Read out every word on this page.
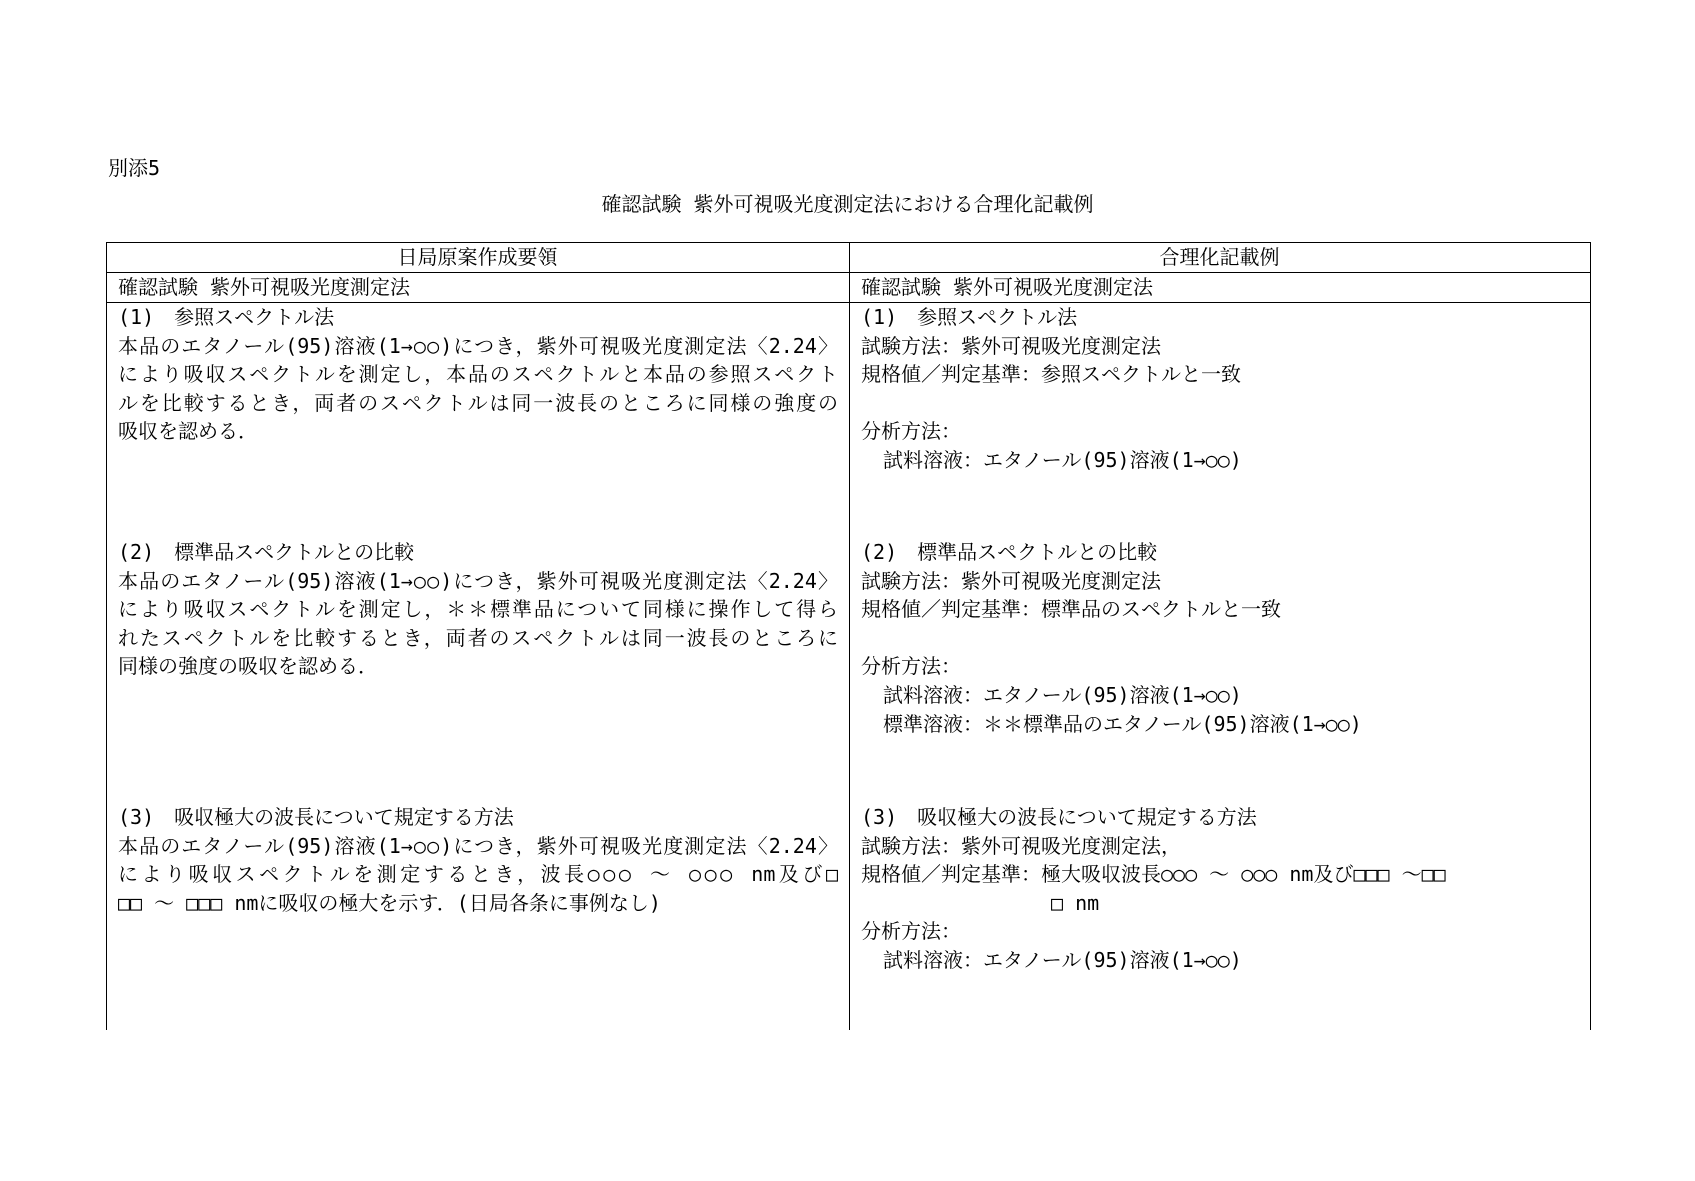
別添5
確認試験 紫外可視吸光度測定法における合理化記載例
日局原案作成要領	合理化記載例
確認試験 紫外可視吸光度測定法	確認試験 紫外可視吸光度測定法
(1)　参照スペクトル法
本品のエタノール(95)溶液(1→○○)につき，紫外可視吸光度測定法〈2.24〉
により吸収スペクトルを測定し，本品のスペクトルと本品の参照スペクト
ルを比較するとき，両者のスペクトルは同一波長のところに同様の強度の
吸収を認める．
(2)　標準品スペクトルとの比較
本品のエタノール(95)溶液(1→○○)につき，紫外可視吸光度測定法〈2.24〉
により吸収スペクトルを測定し，＊＊標準品について同様に操作して得ら
れたスペクトルを比較するとき，両者のスペクトルは同一波長のところに
同様の強度の吸収を認める．
(3)　吸収極大の波長について規定する方法
本品のエタノール(95)溶液(1→○○)につき，紫外可視吸光度測定法〈2.24〉
により吸収スペクトルを測定するとき，波長○○○ ～ ○○○ nm及び□
□□ ～ □□□ nmに吸収の極大を示す．(日局各条に事例なし)
(1)　参照スペクトル法
試験方法：紫外可視吸光度測定法
規格値／判定基準：参照スペクトルと一致
分析方法：
試料溶液：エタノール(95)溶液(1→○○)
(2)　標準品スペクトルとの比較
試験方法：紫外可視吸光度測定法
規格値／判定基準：標準品のスペクトルと一致
分析方法：
試料溶液：エタノール(95)溶液(1→○○)
標準溶液：＊＊標準品のエタノール(95)溶液(1→○○)
(3)　吸収極大の波長について規定する方法
試験方法：紫外可視吸光度測定法，
規格値／判定基準：極大吸収波長○○○ ～ ○○○ nm及び□□□ ～□□
□ nm
分析方法：
試料溶液：エタノール(95)溶液(1→○○)
